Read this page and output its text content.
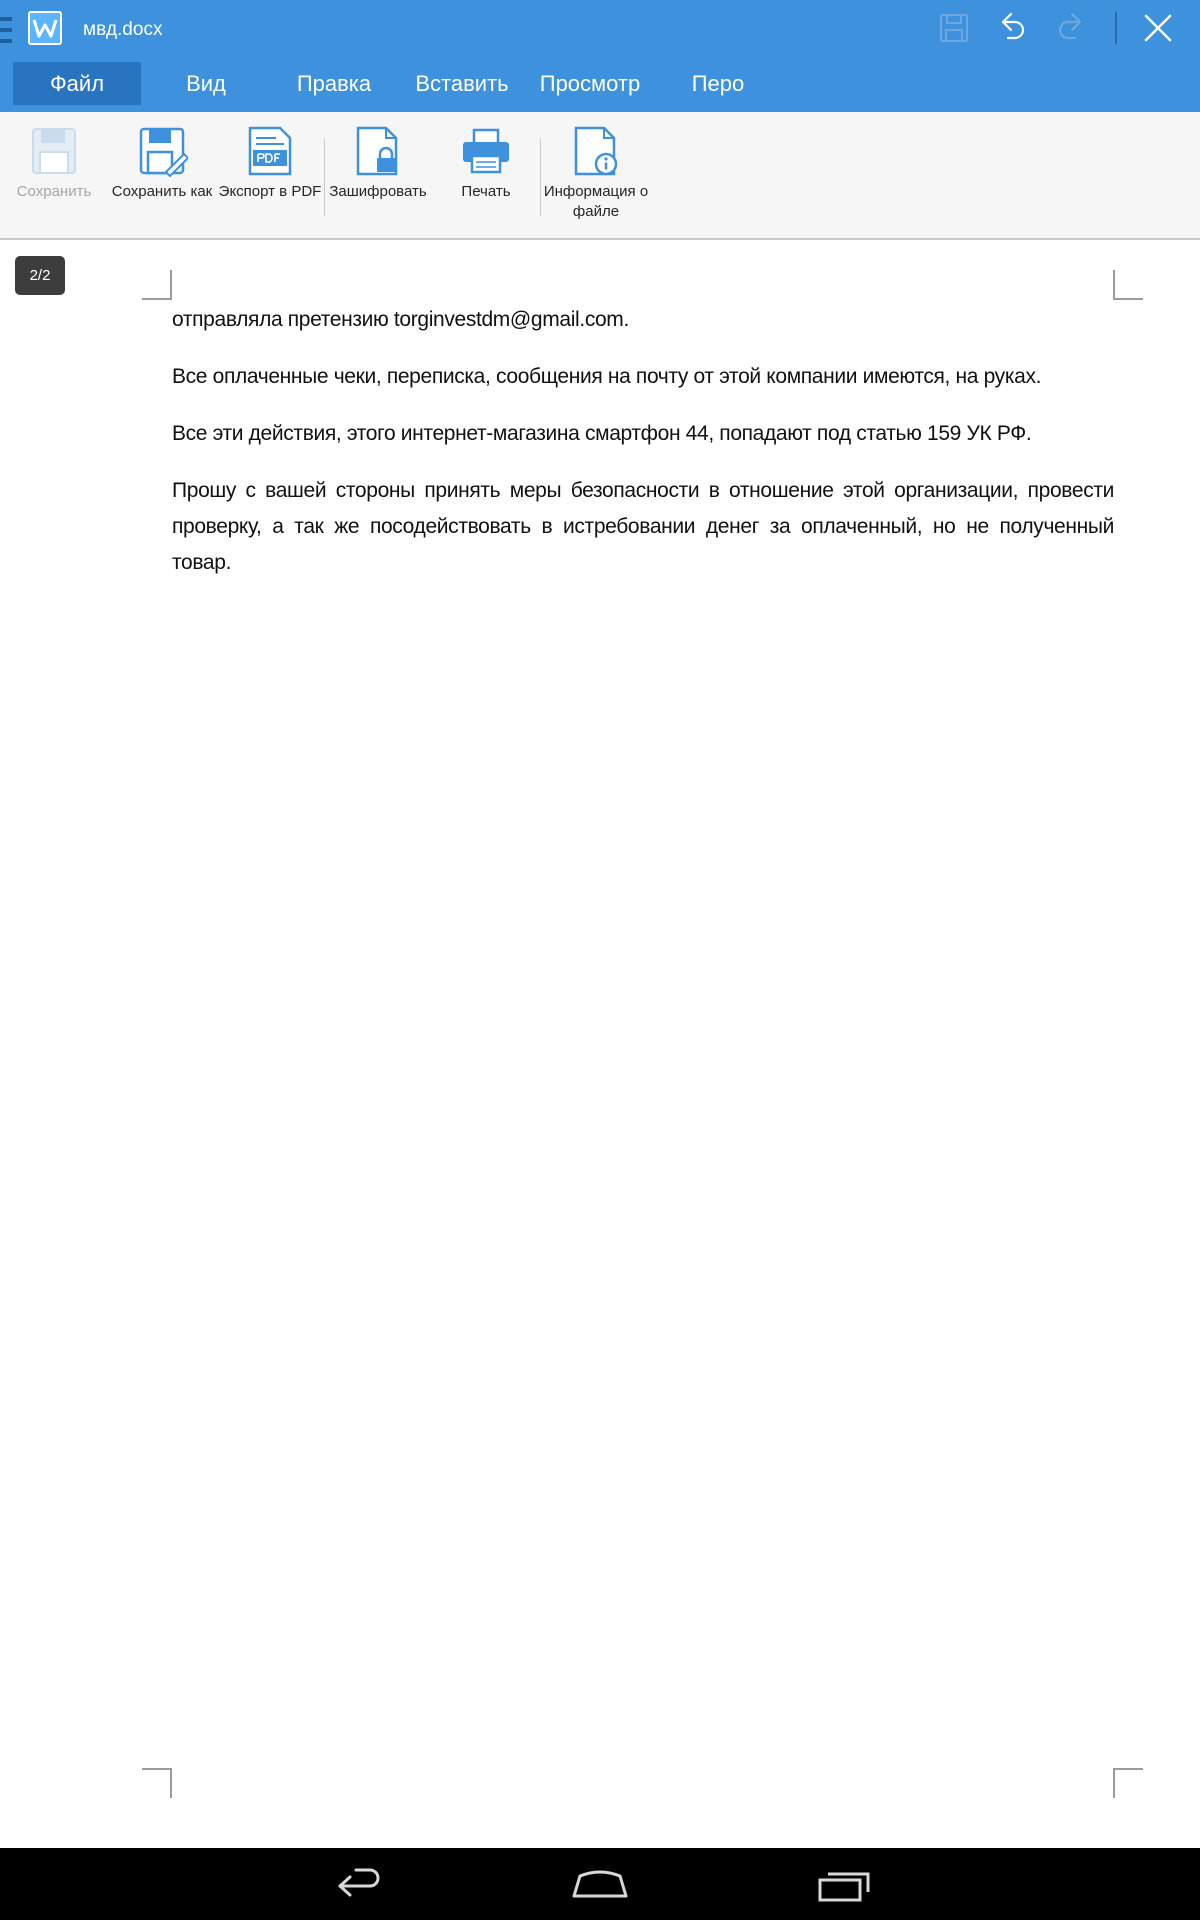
мвд.docx
Файл	Вид	Правка	Вставить	Просмотр	Перо
Сохранить	Сохранить как Экспорт в PDF Зашифровать	Печать	Информация о файле
2/2

отправляла претензию torginvestdm@gmail.com.

Все оплаченные чеки, переписка, сообщения на почту от этой компании имеются, на руках.

Все эти действия, этого интернет-магазина смартфон 44, попадают под статью 159 УК РФ.

Прошу с вашей стороны принять меры безопасности в отношение этой организации, провести проверку, а так же посодействовать в истребовании денег за оплаченный, но не полученный товар.
